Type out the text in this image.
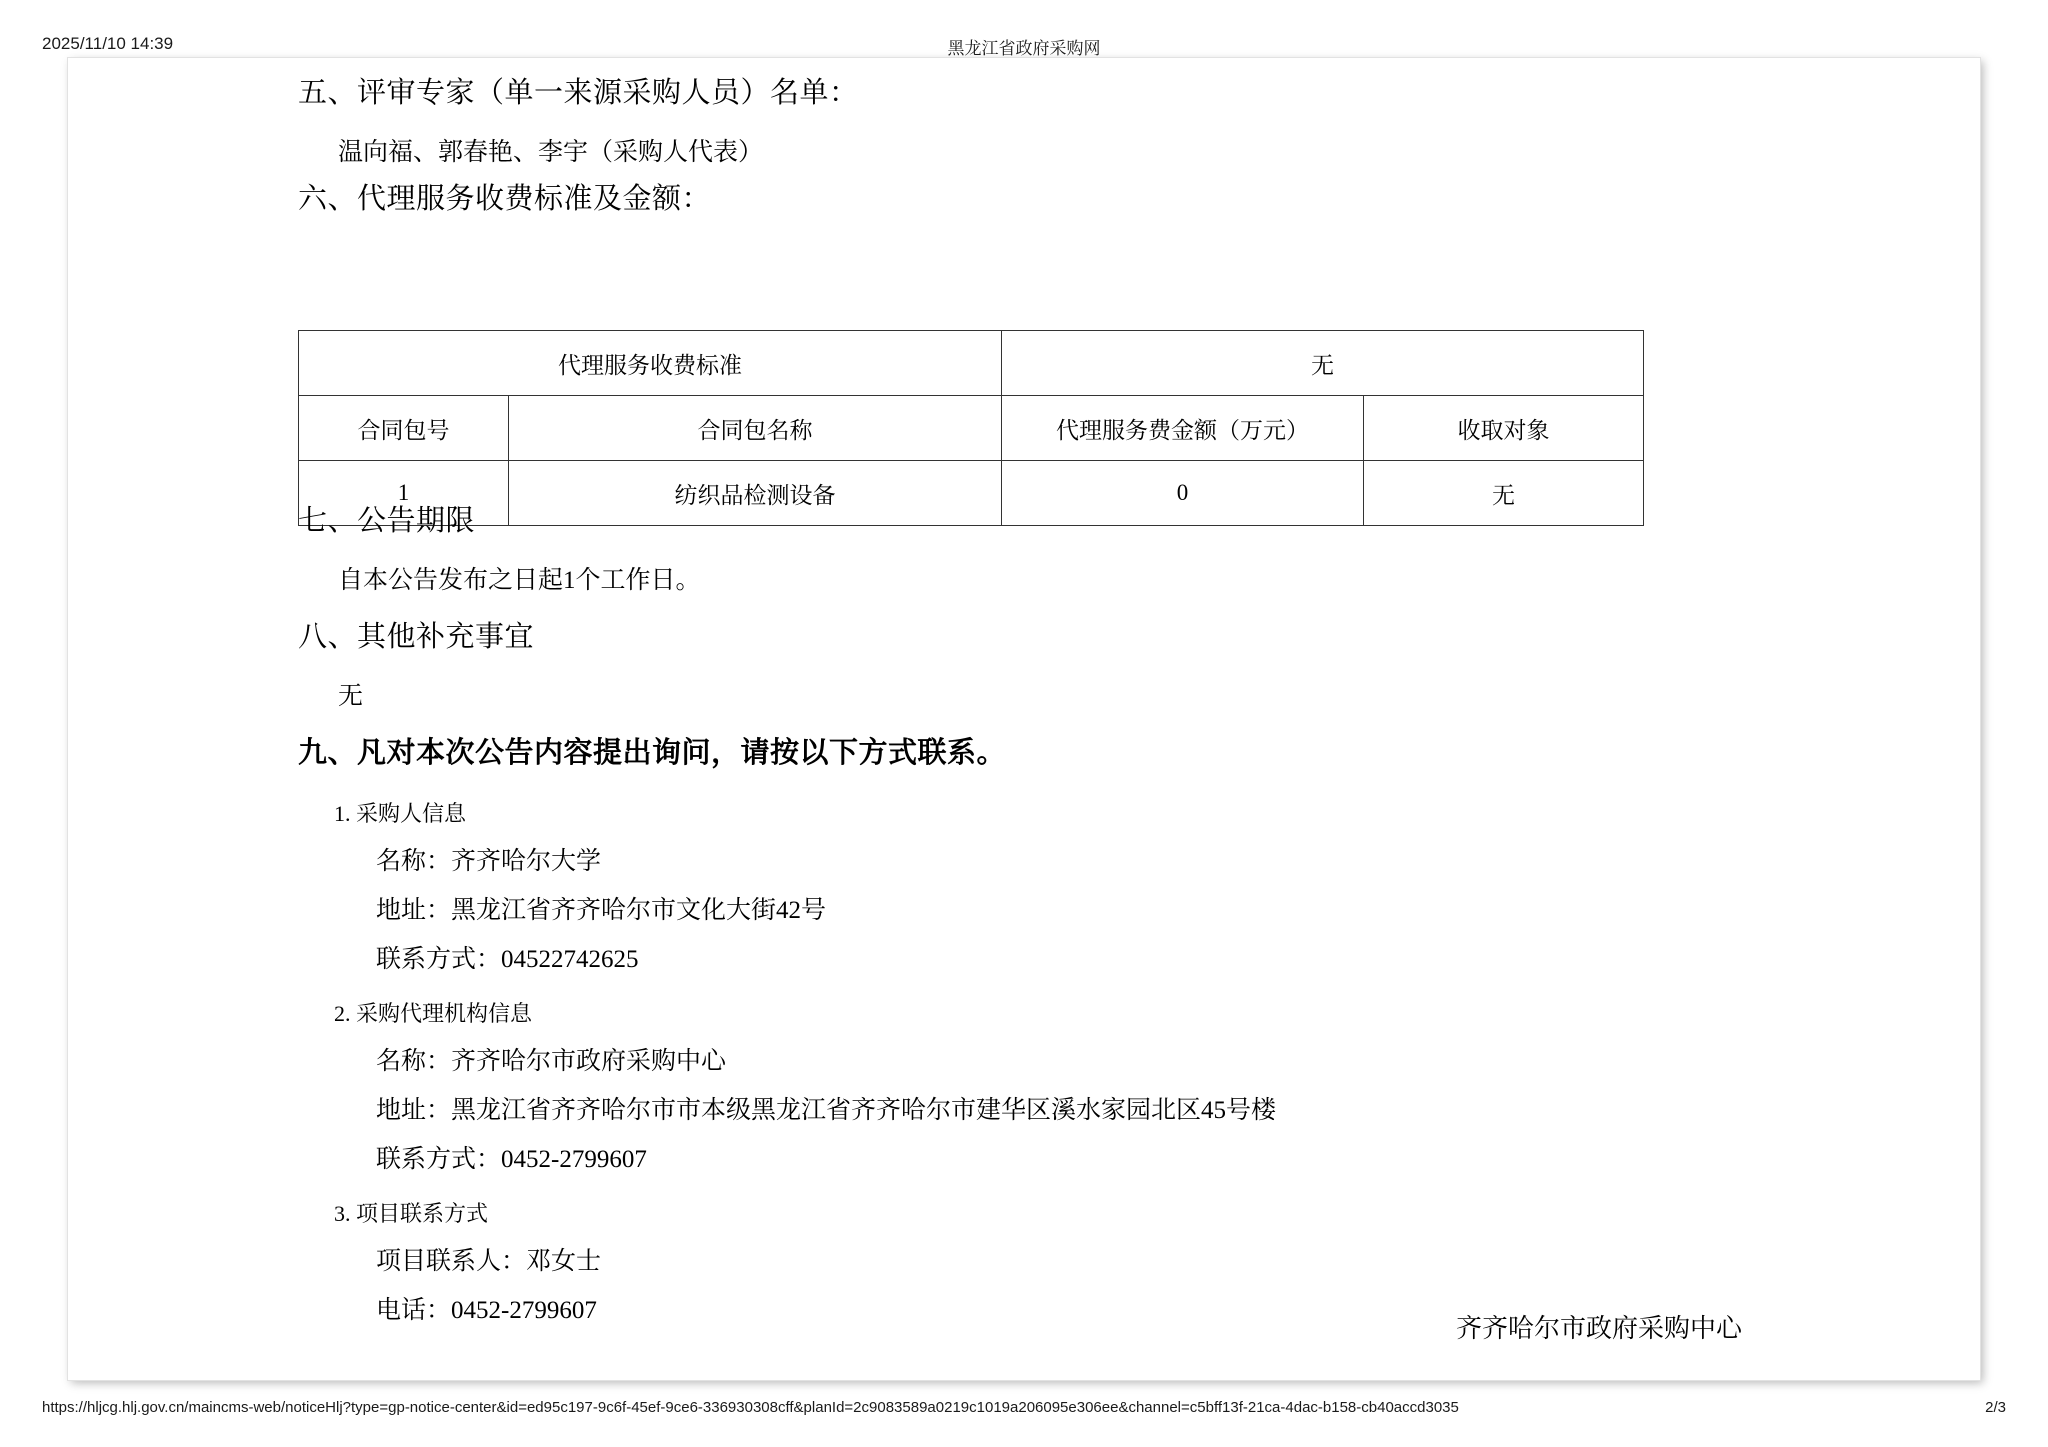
2025/11/10 14:39	黑龙江省政府采购网

五、评审专家（单一来源采购人员）名单：

温向福、郭春艳、李宇（采购人代表）

六、代理服务收费标准及金额：

代理服务收费标准		无	
合同包号	合同包名称	代理服务费金额（万元）	收取对象
1	纺织品检测设备	0	无

七、公告期限

自本公告发布之日起1个工作日。

八、其他补充事宜

无

九、凡对本次公告内容提出询问，请按以下方式联系。

1. 采购人信息

名称：齐齐哈尔大学

地址：黑龙江省齐齐哈尔市文化大街42号

联系方式：04522742625

2. 采购代理机构信息

名称：齐齐哈尔市政府采购中心

地址：黑龙江省齐齐哈尔市市本级黑龙江省齐齐哈尔市建华区溪水家园北区45号楼

联系方式：0452-2799607

3. 项目联系方式

项目联系人：邓女士

电话：0452-2799607

齐齐哈尔市政府采购中心
https://hljcg.hlj.gov.cn/maincms-web/noticeHlj?type=gp-notice-center&id=ed95c197-9c6f-45ef-9ce6-336930308cff&planId=2c9083589a0219c1019a206095e306ee&channel=c5bff13f-21ca-4dac-b158-cb40accd3035	2/3
